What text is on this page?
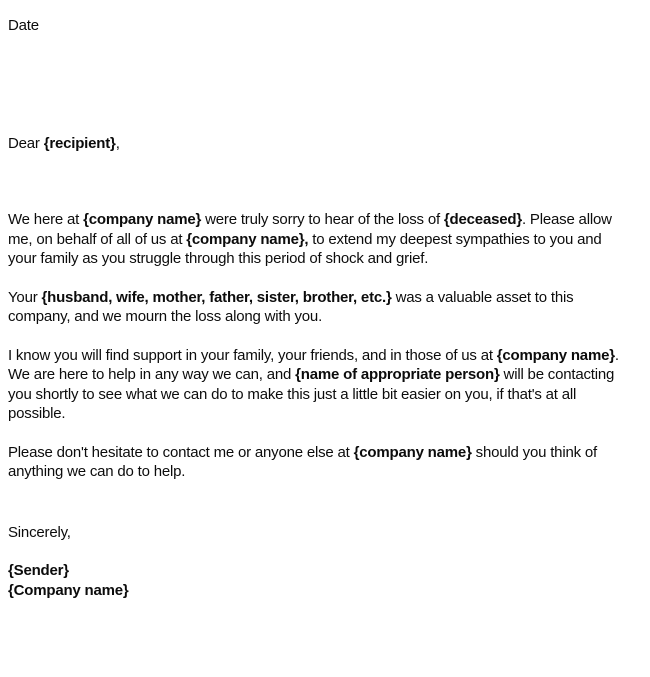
Date
Dear {recipient},
We here at {company name} were truly sorry to hear of the loss of {deceased}. Please allow me, on behalf of all of us at {company name}, to extend my deepest sympathies to you and your family as you struggle through this period of shock and grief.
Your {husband, wife, mother, father, sister, brother, etc.} was a valuable asset to this company, and we mourn the loss along with you.
I know you will find support in your family, your friends, and in those of us at {company name}. We are here to help in any way we can, and {name of appropriate person} will be contacting you shortly to see what we can do to make this just a little bit easier on you, if that's at all possible.
Please don't hesitate to contact me or anyone else at {company name} should you think of anything we can do to help.
Sincerely,
{Sender}
{Company name}
